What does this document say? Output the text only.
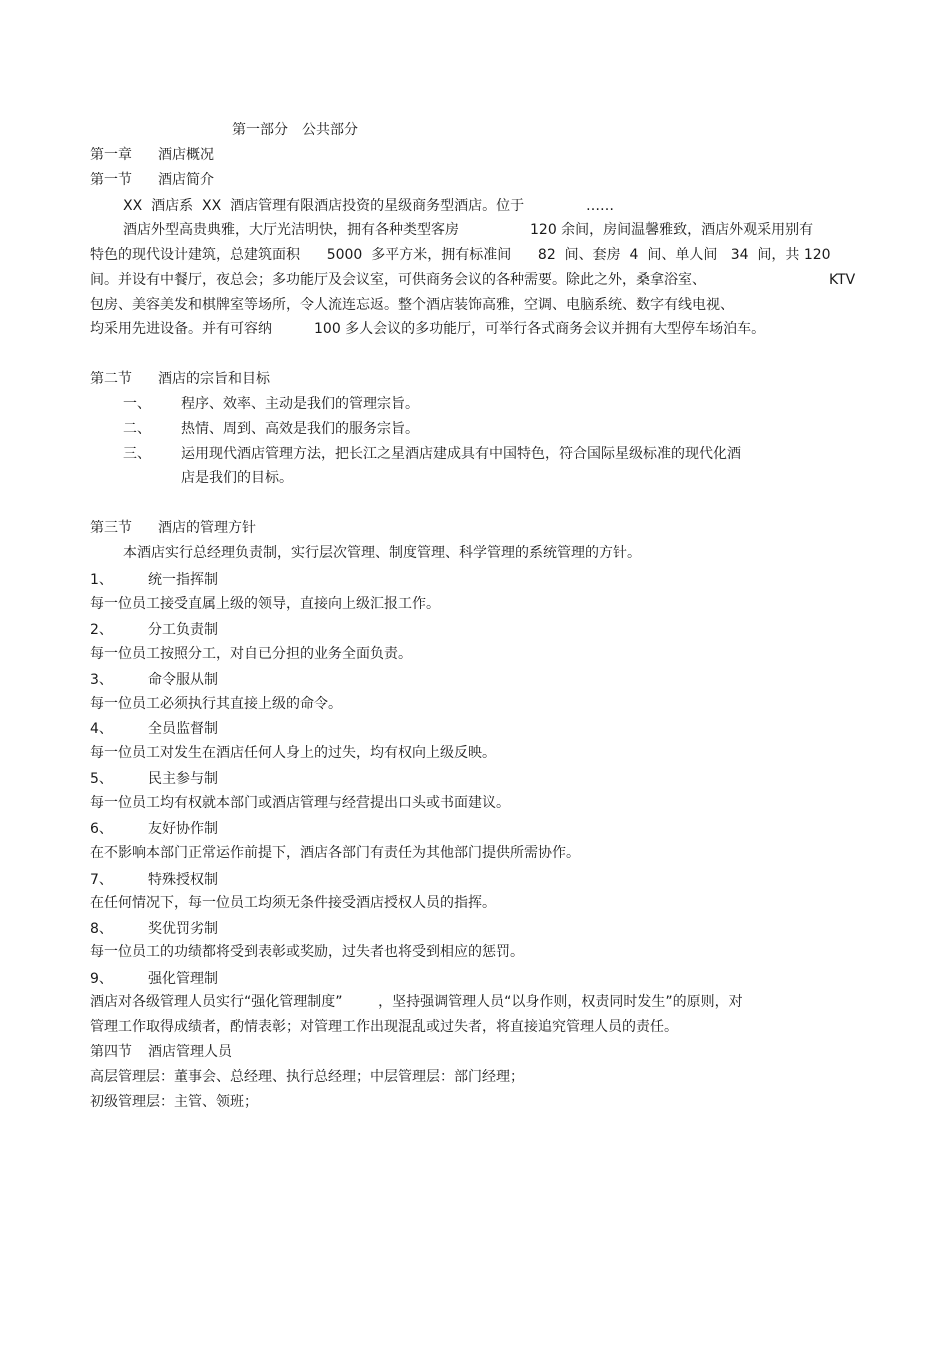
第一部分　公共部分
第一章 酒店概况
第一节 酒店简介
XX  酒店系  XX  酒店管理有限酒店投资的星级商务型酒店。位于	……
酒店外型高贵典雅，大厅光洁明快，拥有各种类型客房	120 余间，房间温馨雅致，酒店外观采用别有
特色的现代设计建筑，总建筑面积      5000  多平方米，拥有标准间      82  间、套房  4  间、单人间   34  间，共 120
间。并设有中餐厅，夜总会；多功能厅及会议室，可供商务会议的各种需要。除此之外，桑拿浴室、	KTV
包房、美容美发和棋牌室等场所，令人流连忘返。整个酒店装饰高雅，空调、电脑系统、数字有线电视、
均采用先进设备。并有可容纳	100 多人会议的多功能厅，可举行各式商务会议并拥有大型停车场泊车。
第二节 酒店的宗旨和目标
一、 程序、效率、主动是我们的管理宗旨。
二、 热情、周到、高效是我们的服务宗旨。
三、 运用现代酒店管理方法，把长江之星酒店建成具有中国特色，符合国际星级标准的现代化酒
店是我们的目标。
第三节 酒店的管理方针
本酒店实行总经理负责制，实行层次管理、制度管理、科学管理的系统管理的方针。
1、	统一指挥制
每一位员工接受直属上级的领导，直接向上级汇报工作。
2、	分工负责制
每一位员工按照分工，对自已分担的业务全面负责。
3、	命令服从制
每一位员工必须执行其直接上级的命令。
4、	全员监督制
每一位员工对发生在酒店任何人身上的过失，均有权向上级反映。
5、	民主参与制
每一位员工均有权就本部门或酒店管理与经营提出口头或书面建议。
6、	友好协作制
在不影响本部门正常运作前提下，酒店各部门有责任为其他部门提供所需协作。
7、	特殊授权制
在任何情况下，每一位员工均须无条件接受酒店授权人员的指挥。
8、	奖优罚劣制
每一位员工的功绩都将受到表彰或奖励，过失者也将受到相应的惩罚。
9、	强化管理制
酒店对各级管理人员实行“强化管理制度”        ，坚持强调管理人员“以身作则，权责同时发生”的原则，对
管理工作取得成绩者，酌情表彰；对管理工作出现混乱或过失者，将直接追究管理人员的责任。
第四节 酒店管理人员
高层管理层：董事会、总经理、执行总经理；中层管理层：部门经理；
初级管理层：主管、领班；
